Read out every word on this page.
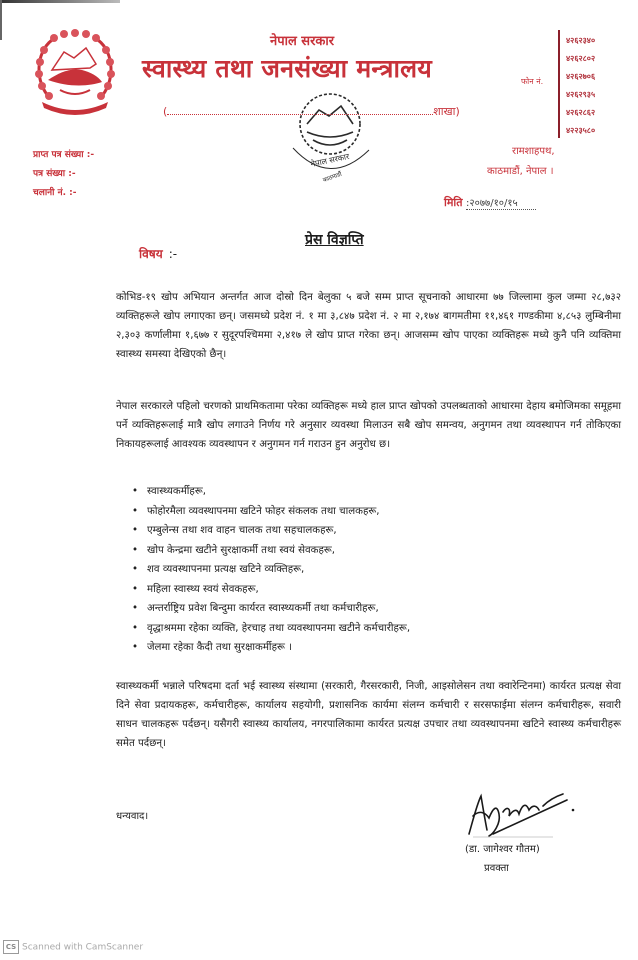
नेपाल सरकार
काठमाडौं
नेपाल सरकार
स्वास्थ्य तथा जनसंख्या मन्त्रालय
(	शाखा)
फोन नं.
४२६२३४०
४२६२८०२
४२६२७०६
४२६२९३५
४२६२८६२
४२२३५८०
रामशाहपथ,
काठमाडौं, नेपाल ।
प्राप्त पत्र संख्या :-
पत्र संख्या :-
चलानी नं. :-
मिति :२०७७/१०/१५
प्रेस विज्ञप्ति
विषय :-
कोभिड-१९ खोप अभियान अन्तर्गत आज दोस्रो दिन बेलुका ५ बजे सम्म प्राप्त सूचनाको आधारमा ७७ जिल्लामा कुल जम्मा २८,७३२ व्यक्तिहरूले खोप लगाएका छन्। जसमध्ये प्रदेश नं. १ मा ३,८४७ प्रदेश नं. २ मा २,१७४ बागमतीमा ११,४६१ गण्डकीमा ४,८५३ लुम्बिनीमा २,३०३ कर्णालीमा १,६७७ र सुदूरपश्चिममा २,४१७ ले खोप प्राप्त गरेका छन्। आजसम्म खोप पाएका व्यक्तिहरू मध्ये कुनै पनि व्यक्तिमा स्वास्थ्य समस्या देखिएको छैन्।
नेपाल सरकारले पहिलो चरणको प्राथमिकतामा परेका व्यक्तिहरू मध्ये हाल प्राप्त खोपको उपलब्धताको आधारमा देहाय बमोजिमका समूहमा पर्ने व्यक्तिहरूलाई मात्रै खोप लगाउने निर्णय गरे अनुसार व्यवस्था मिलाउन सबै खोप समन्वय, अनुगमन तथा व्यवस्थापन गर्न तोकिएका निकायहरूलाई आवश्यक व्यवस्थापन र अनुगमन गर्न गराउन हुन अनुरोध छ।
• स्वास्थ्यकर्मीहरू,
• फोहोरमैला व्यवस्थापनमा खटिने फोहर संकलक तथा चालकहरू,
• एम्बुलेन्स तथा शव वाहन चालक तथा सहचालकहरू,
• खोप केन्द्रमा खटीने सुरक्षाकर्मी तथा स्वयं सेवकहरू,
• शव व्यवस्थापनमा प्रत्यक्ष खटिने व्यक्तिहरू,
• महिला स्वास्थ्य स्वयं सेवकहरू,
• अन्तर्राष्ट्रिय प्रवेश बिन्दुमा कार्यरत स्वास्थ्यकर्मी तथा कर्मचारीहरू,
• वृद्धाश्रममा रहेका व्यक्ति, हेरचाह तथा व्यवस्थापनमा खटीने कर्मचारीहरू,
• जेलमा रहेका कैदी तथा सुरक्षाकर्मीहरू ।
स्वास्थ्यकर्मी भन्नाले परिषदमा दर्ता भई स्वास्थ्य संस्थामा (सरकारी, गैरसरकारी, निजी, आइसोलेसन तथा क्वारेन्टिनमा) कार्यरत प्रत्यक्ष सेवा दिने सेवा प्रदायकहरू, कर्मचारीहरू, कार्यालय सहयोगी, प्रशासनिक कार्यमा संलग्न कर्मचारी र सरसफाईमा संलग्न कर्मचारीहरू, सवारी साधन चालकहरू पर्दछन्। यसैगरी स्वास्थ्य कार्यालय, नगरपालिकामा कार्यरत प्रत्यक्ष उपचार तथा व्यवस्थापनमा खटिने स्वास्थ्य कर्मचारीहरू समेत पर्दछन्।
धन्यवाद।
(डा. जागेश्वर गौतम)
प्रवक्ता
CS Scanned with CamScanner
